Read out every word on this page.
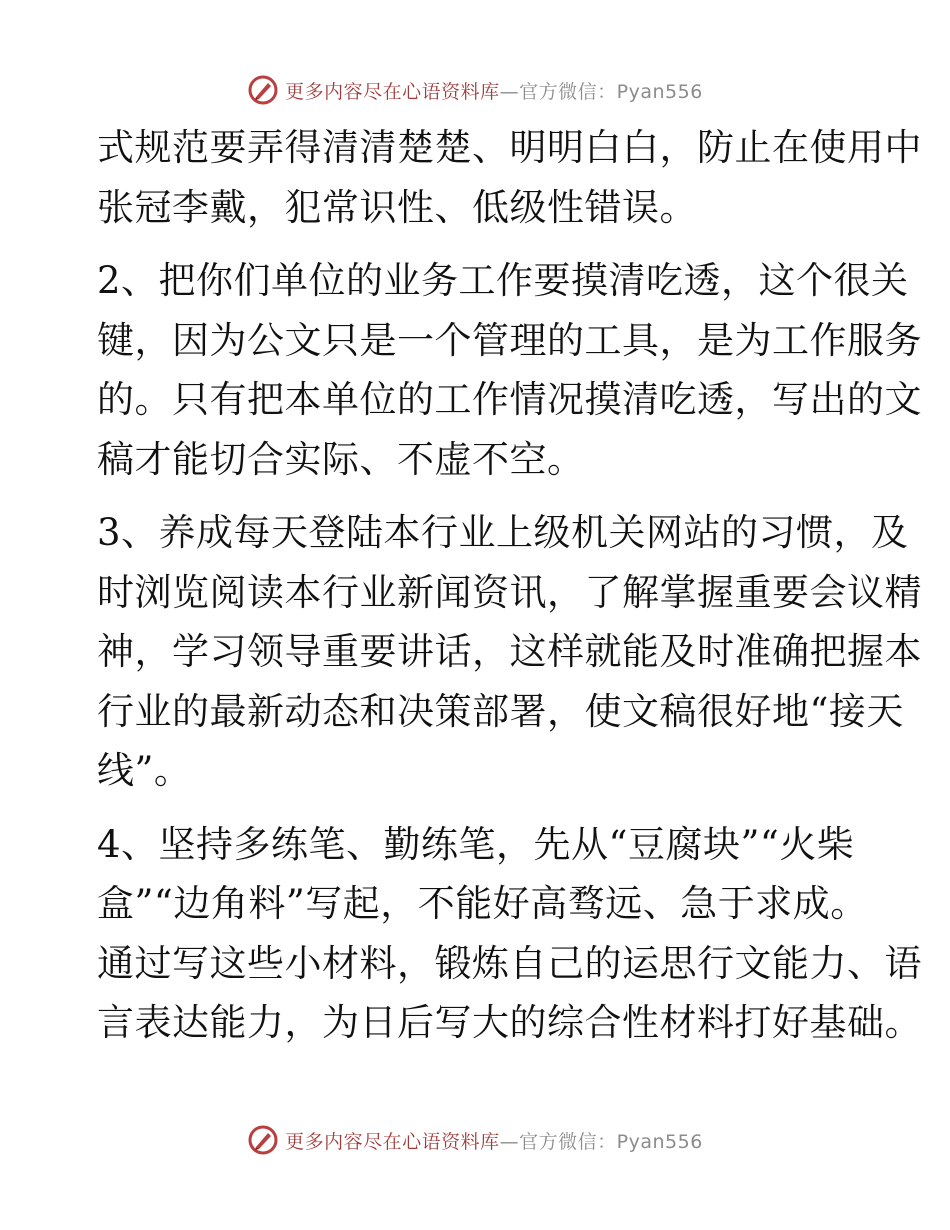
更多内容尽在心语资料库—官方微信：Pyan556
式规范要弄得清清楚楚、明明白白，防止在使用中
张冠李戴，犯常识性、低级性错误。
2、把你们单位的业务工作要摸清吃透，这个很关
键，因为公文只是一个管理的工具，是为工作服务
的。只有把本单位的工作情况摸清吃透，写出的文
稿才能切合实际、不虚不空。
3、养成每天登陆本行业上级机关网站的习惯，及
时浏览阅读本行业新闻资讯，了解掌握重要会议精
神，学习领导重要讲话，这样就能及时准确把握本
行业的最新动态和决策部署，使文稿很好地“接天
线”。
4、坚持多练笔、勤练笔，先从“豆腐块”“火柴
盒”“边角料”写起，不能好高骛远、急于求成。
通过写这些小材料，锻炼自己的运思行文能力、语
言表达能力，为日后写大的综合性材料打好基础。
更多内容尽在心语资料库—官方微信：Pyan556
